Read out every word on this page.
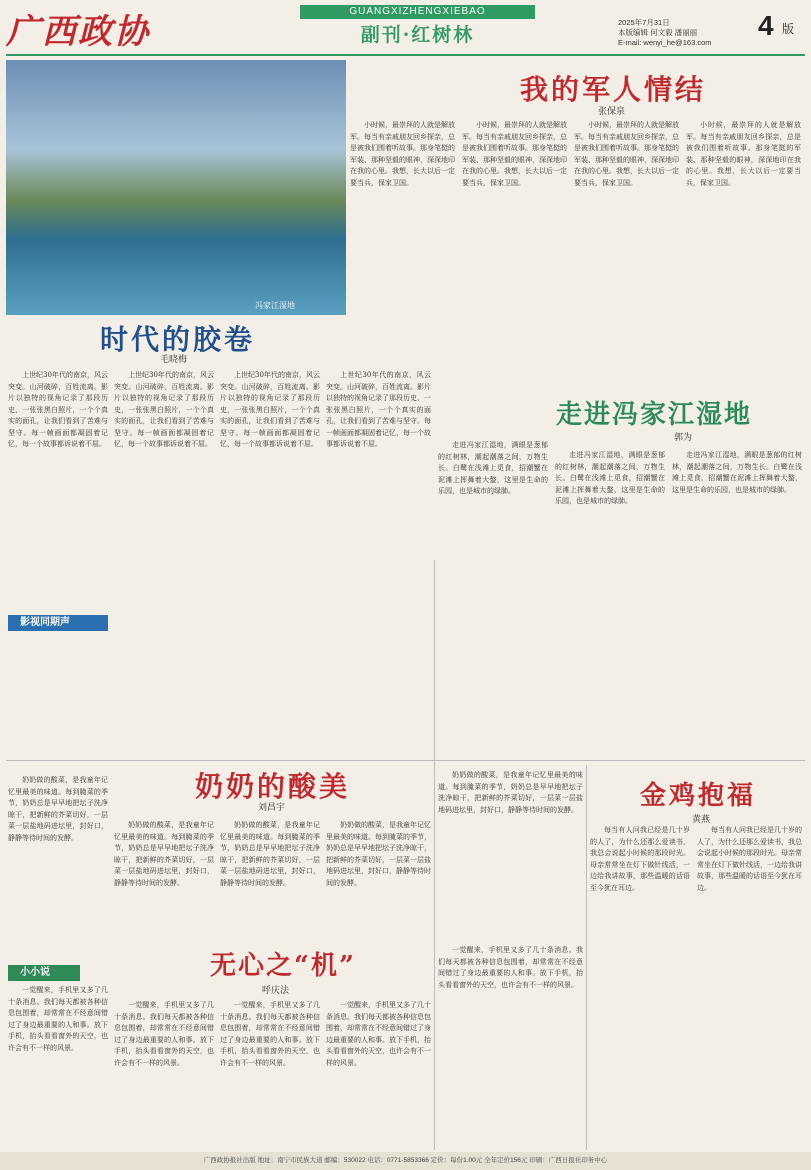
广西政协
GUANGXIZHENGXIEBAO
副刊·红树林
2025年7月31日
本版编辑 何文毅 潘丽丽
E-mail: wenyi_he@163.com
4 版
冯家江湿地
我的军人情结
张保泉
小时候，最崇拜的人就是解放军。每当有亲戚朋友回乡探亲，总是被我们围着听故事。那身笔挺的军装、那种坚毅的眼神，深深地印在我的心里。我想，长大以后一定要当兵，保家卫国。
小时候，最崇拜的人就是解放军。每当有亲戚朋友回乡探亲，总是被我们围着听故事。那身笔挺的军装、那种坚毅的眼神，深深地印在我的心里。我想，长大以后一定要当兵，保家卫国。
小时候，最崇拜的人就是解放军。每当有亲戚朋友回乡探亲，总是被我们围着听故事。那身笔挺的军装、那种坚毅的眼神，深深地印在我的心里。我想，长大以后一定要当兵，保家卫国。
小时候，最崇拜的人就是解放军。每当有亲戚朋友回乡探亲，总是被我们围着听故事。那身笔挺的军装、那种坚毅的眼神，深深地印在我的心里。我想，长大以后一定要当兵，保家卫国。
时代的胶卷
毛晓梅
上世纪30年代的南京，风云突变。山河破碎，百姓流离。影片以独特的视角记录了那段历史，一张张黑白照片，一个个真实的面孔，让我们看到了苦难与坚守。每一帧画面都凝固着记忆，每一个故事都诉说着不屈。
上世纪30年代的南京，风云突变。山河破碎，百姓流离。影片以独特的视角记录了那段历史，一张张黑白照片，一个个真实的面孔，让我们看到了苦难与坚守。每一帧画面都凝固着记忆，每一个故事都诉说着不屈。
上世纪30年代的南京，风云突变。山河破碎，百姓流离。影片以独特的视角记录了那段历史，一张张黑白照片，一个个真实的面孔，让我们看到了苦难与坚守。每一帧画面都凝固着记忆，每一个故事都诉说着不屈。
上世纪30年代的南京，风云突变。山河破碎，百姓流离。影片以独特的视角记录了那段历史，一张张黑白照片，一个个真实的面孔，让我们看到了苦难与坚守。每一帧画面都凝固着记忆，每一个故事都诉说着不屈。
影视同期声
走进冯家江湿地
郭为
走进冯家江湿地，满眼是葱郁的红树林，潮起潮落之间，万物生长。白鹭在浅滩上觅食，招潮蟹在泥滩上挥舞着大螯，这里是生命的乐园，也是城市的绿肺。
走进冯家江湿地，满眼是葱郁的红树林，潮起潮落之间，万物生长。白鹭在浅滩上觅食，招潮蟹在泥滩上挥舞着大螯，这里是生命的乐园，也是城市的绿肺。
走进冯家江湿地，满眼是葱郁的红树林，潮起潮落之间，万物生长。白鹭在浅滩上觅食，招潮蟹在泥滩上挥舞着大螯，这里是生命的乐园，也是城市的绿肺。
奶奶的酸美
刘昌宇
奶奶做的酸菜，是我童年记忆里最美的味道。每到腌菜的季节，奶奶总是早早地把坛子洗净晾干，把新鲜的芥菜切好，一层菜一层盐地码进坛里，封好口，静静等待时间的发酵。
奶奶做的酸菜，是我童年记忆里最美的味道。每到腌菜的季节，奶奶总是早早地把坛子洗净晾干，把新鲜的芥菜切好，一层菜一层盐地码进坛里，封好口，静静等待时间的发酵。
奶奶做的酸菜，是我童年记忆里最美的味道。每到腌菜的季节，奶奶总是早早地把坛子洗净晾干，把新鲜的芥菜切好，一层菜一层盐地码进坛里，封好口，静静等待时间的发酵。
奶奶做的酸菜，是我童年记忆里最美的味道。每到腌菜的季节，奶奶总是早早地把坛子洗净晾干，把新鲜的芥菜切好，一层菜一层盐地码进坛里，封好口，静静等待时间的发酵。
奶奶做的酸菜，是我童年记忆里最美的味道。每到腌菜的季节，奶奶总是早早地把坛子洗净晾干，把新鲜的芥菜切好，一层菜一层盐地码进坛里，封好口，静静等待时间的发酵。
小小说	无心之“机”
呼庆法
一觉醒来，手机里又多了几十条消息。我们每天都被各种信息包围着，却常常在不经意间错过了身边最重要的人和事。放下手机，抬头看看窗外的天空，也许会有不一样的风景。
一觉醒来，手机里又多了几十条消息。我们每天都被各种信息包围着，却常常在不经意间错过了身边最重要的人和事。放下手机，抬头看看窗外的天空，也许会有不一样的风景。
一觉醒来，手机里又多了几十条消息。我们每天都被各种信息包围着，却常常在不经意间错过了身边最重要的人和事。放下手机，抬头看看窗外的天空，也许会有不一样的风景。
一觉醒来，手机里又多了几十条消息。我们每天都被各种信息包围着，却常常在不经意间错过了身边最重要的人和事。放下手机，抬头看看窗外的天空，也许会有不一样的风景。
一觉醒来，手机里又多了几十条消息。我们每天都被各种信息包围着，却常常在不经意间错过了身边最重要的人和事。放下手机，抬头看看窗外的天空，也许会有不一样的风景。
金鸡抱福
黄燕
每当有人问我已经是几十岁的人了，为什么还那么爱读书，我总会说起小时候的那段时光。母亲常常坐在灯下做针线活，一边给我讲故事，那些温暖的话语至今犹在耳边。
每当有人问我已经是几十岁的人了，为什么还那么爱读书，我总会说起小时候的那段时光。母亲常常坐在灯下做针线活，一边给我讲故事，那些温暖的话语至今犹在耳边。
广西政协报社出版 地址：南宁市民族大道 邮编：530022 电话：0771-5853366 定价：每份1.00元 全年定价156元 印刷：广西日报社印务中心
